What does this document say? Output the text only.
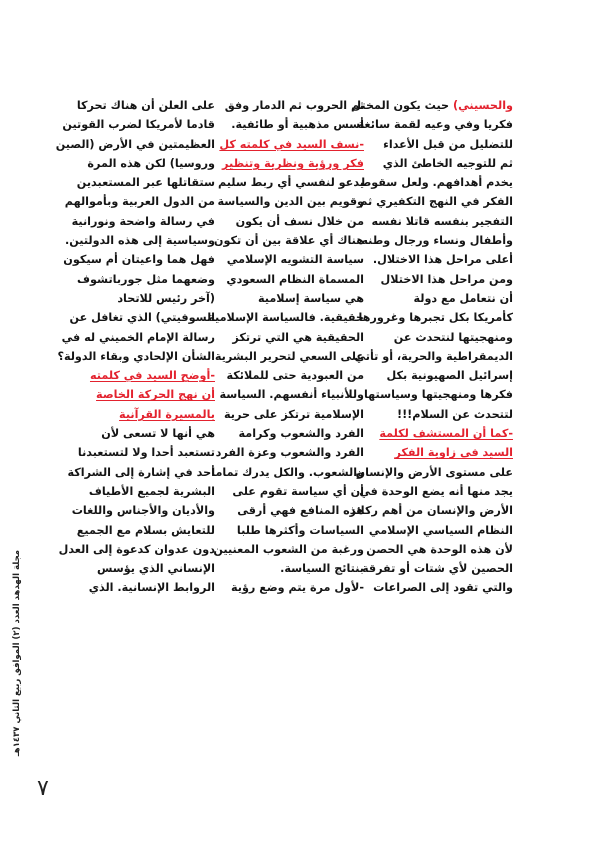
والحسيني) حيث يكون المختل
فكريا وفي وعيه لقمة سائغة
للتضليل من قبل الأعداء
ثم للتوجيه الخاطئ الذي
يخدم أهدافهم. ولعل سقوط
الفكر في النهج التكفيري ثم
التفجير بنفسه قاتلا نفسه
وأطفال ونساء ورجال وطنه
أعلى مراحل هذا الاختلال.
ومن مراحل هذا الاختلال
أن نتعامل مع دولة
كأمريكا بكل تجبرها وغرورها
ومنهجيتها لنتحدث عن
الديمقراطية والحرية، أو تأتي
إسرائيل الصهيونية بكل
فكرها ومنهجيتها وسياستها
لتتحدث عن السلام!!!
-كما أن المستشف لكلمة
السيد في زاوية الفكر
على مستوى الأرض والإنسان
يجد منها أنه يضع الوحدة في
الأرض والإنسان من أهم ركائز
النظام السياسي الإسلامي
لأن هذه الوحدة هي الحصن
الحصين لأي شتات أو تفرقة
والتي تقود إلى الصراعات
ثم الحروب ثم الدمار وفق
أسس مذهبية أو طائفية.
-نسف السيد في كلمته كل
فكر ورؤية ونظرية وتنظير
يدعو لنفسي أي ربط سليم
وقويم بين الدين والسياسة
من خلال نسف أن يكون
هناك أي علاقة بين أن تكون
سياسة التشويه الإسلامي
المسماة النظام السعودي
هي سياسة إسلامية
حقيقية. فالسياسة الإسلامية
الحقيقية هي التي ترتكز
على السعي لتحرير البشرية
من العبودية حتى للملائكة
وللأنبياء أنفسهم. السياسة
الإسلامية ترتكز على حرية
الفرد والشعوب وكرامة
الفرد والشعوب وعزة الفرد
والشعوب. والكل يدرك تماما
أن أي سياسة تقوم على
هذه المنافع فهي أرقى
السياسات وأكثرها طلبا
ورغبة من الشعوب المعنيين
بنتائج السياسة.
-لأول مرة يتم وضع رؤية
على العلن أن هناك تحركا
قادما لأمريكا لضرب القوتين
العظيمتين في الأرض (الصين
وروسيا) لكن هذه المرة
ستقاتلها عبر المستعبدين
من الدول العربية وبأموالهم
في رسالة واضحة ونورانية
وسياسية إلى هذه الدولتين.
فهل هما واعيتان أم سيكون
وضعهما مثل جورباتشوف
(آخر رئيس للاتحاد
السوفيتي) الذي تغافل عن
رسالة الإمام الخميني له في
الشأن الإلحادي وبقاء الدولة؟
-أوضح السيد في كلمته
أن نهج الحركة الخاصة
بالمسيرة القرآنية
هي أنها لا تسعى لأن
تستعبد أحدا ولا لتستعبدنا
أحد في إشارة إلى الشراكة
البشرية لجميع الأطياف
والأديان والأجناس واللغات
للتعايش بسلام مع الجميع
دون عدوان كدعوة إلى العدل
الإنساني الذي يؤسس
الروابط الإنسانية. الذي
مجلة الهدهد العدد (٢) الموافق ربيع الثاني ١٤٣٧هـ
٧
